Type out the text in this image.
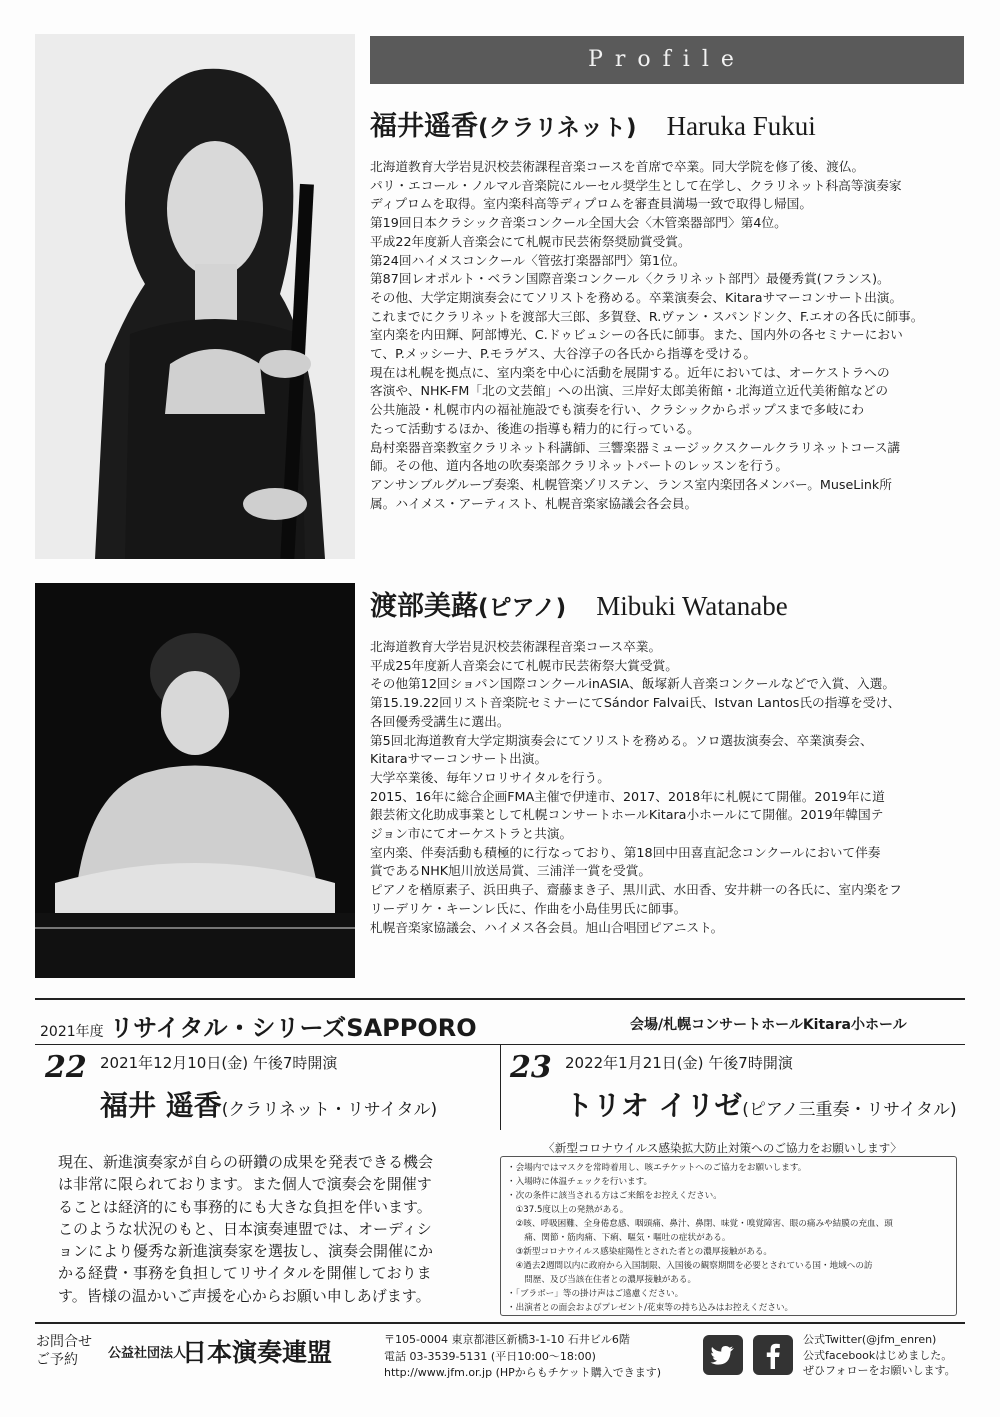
Profile
福井遥香(クラリネット) Haruka Fukui
北海道教育大学岩見沢校芸術課程音楽コースを首席で卒業。同大学院を修了後、渡仏。
パリ・エコール・ノルマル音楽院にルーセル奨学生として在学し、クラリネット科高等演奏家
ディプロムを取得。室内楽科高等ディプロムを審査員満場一致で取得し帰国。
第19回日本クラシック音楽コンクール全国大会〈木管楽器部門〉第4位。
平成22年度新人音楽会にて札幌市民芸術祭奨励賞受賞。
第24回ハイメスコンクール〈管弦打楽器部門〉第1位。
第87回レオポルト・ベラン国際音楽コンクール〈クラリネット部門〉最優秀賞(フランス)。
その他、大学定期演奏会にてソリストを務める。卒業演奏会、Kitaraサマーコンサート出演。
これまでにクラリネットを渡部大三郎、多賀登、R.ヴァン・スパンドンク、F.エオの各氏に師事。
室内楽を内田輝、阿部博光、C.ドゥビュシーの各氏に師事。また、国内外の各セミナーにおい
て、P.メッシーナ、P.モラゲス、大谷淳子の各氏から指導を受ける。
現在は札幌を拠点に、室内楽を中心に活動を展開する。近年においては、オーケストラへの
客演や、NHK-FM「北の文芸館」への出演、三岸好太郎美術館・北海道立近代美術館などの
公共施設・札幌市内の福祉施設でも演奏を行い、クラシックからポップスまで多岐にわ
たって活動するほか、後進の指導も精力的に行っている。
島村楽器音楽教室クラリネット科講師、三響楽器ミュージックスクールクラリネットコース講
師。その他、道内各地の吹奏楽部クラリネットパートのレッスンを行う。
アンサンブルグループ奏楽、札幌管楽ゾリステン、ランス室内楽団各メンバー。MuseLink所
属。ハイメス・アーティスト、札幌音楽家協議会各会員。
渡部美蕗(ピアノ) Mibuki Watanabe
北海道教育大学岩見沢校芸術課程音楽コース卒業。
平成25年度新人音楽会にて札幌市民芸術祭大賞受賞。
その他第12回ショパン国際コンクールinASIA、飯塚新人音楽コンクールなどで入賞、入選。
第15.19.22回リスト音楽院セミナーにてSándor Falvai氏、Istvan Lantos氏の指導を受け、
各回優秀受講生に選出。
第5回北海道教育大学定期演奏会にてソリストを務める。ソロ選抜演奏会、卒業演奏会、
Kitaraサマーコンサート出演。
大学卒業後、毎年ソロリサイタルを行う。
2015、16年に総合企画FMA主催で伊達市、2017、2018年に札幌にて開催。2019年に道
銀芸術文化助成事業として札幌コンサートホールKitara小ホールにて開催。2019年韓国テ
ジョン市にてオーケストラと共演。
室内楽、伴奏活動も積極的に行なっており、第18回中田喜直記念コンクールにおいて伴奏
賞であるNHK旭川放送局賞、三浦洋一賞を受賞。
ピアノを楢原素子、浜田典子、齋藤まき子、黒川武、水田香、安井耕一の各氏に、室内楽をフ
リーデリケ・キーンレ氏に、作曲を小島佳男氏に師事。
札幌音楽家協議会、ハイメス各会員。旭山合唱団ピアニスト。
2021年度 リサイタル・シリーズSAPPORO	会場/札幌コンサートホールKitara小ホール
22 2021年12月10日(金) 午後7時開演
福井 遥香(クラリネット・リサイタル)
23 2022年1月21日(金) 午後7時開演
トリオ イリゼ(ピアノ三重奏・リサイタル)
現在、新進演奏家が自らの研鑽の成果を発表できる機会
は非常に限られております。また個人で演奏会を開催す
ることは経済的にも事務的にも大きな負担を伴います。
このような状況のもと、日本演奏連盟では、オーディシ
ョンにより優秀な新進演奏家を選抜し、演奏会開催にか
かる経費・事務を負担してリサイタルを開催しておりま
す。皆様の温かいご声援を心からお願い申しあげます。
〈新型コロナウイルス感染拡大防止対策へのご協力をお願いします〉
・会場内ではマスクを常時着用し、咳エチケットへのご協力をお願いします。
・入場時に体温チェックを行います。
・次の条件に該当される方はご来館をお控えください。
　①37.5度以上の発熱がある。
　②咳、呼吸困難、全身倦怠感、咽頭痛、鼻汁、鼻閉、味覚・嗅覚障害、眼の痛みや結膜の充血、頭
　　痛、関節・筋肉痛、下痢、嘔気・嘔吐の症状がある。
　③新型コロナウイルス感染症陽性とされた者との濃厚接触がある。
　④過去2週間以内に政府から入国制限、入国後の観察期間を必要とされている国・地域への訪
　　問歴、及び当該在住者との濃厚接触がある。
・「ブラボー」等の掛け声はご遠慮ください。
・出演者との面会およびプレゼント/花束等の持ち込みはお控えください。
お問合せ
ご予約	公益社団法人
日本演奏連盟	〒105-0004 東京都港区新橋3-1-10 石井ビル6階
電話 03-3539-5131 (平日10:00〜18:00)
http://www.jfm.or.jp (HPからもチケット購入できます)
公式Twitter(@jfm_enren)
公式facebookはじめました。
ぜひフォローをお願いします。
